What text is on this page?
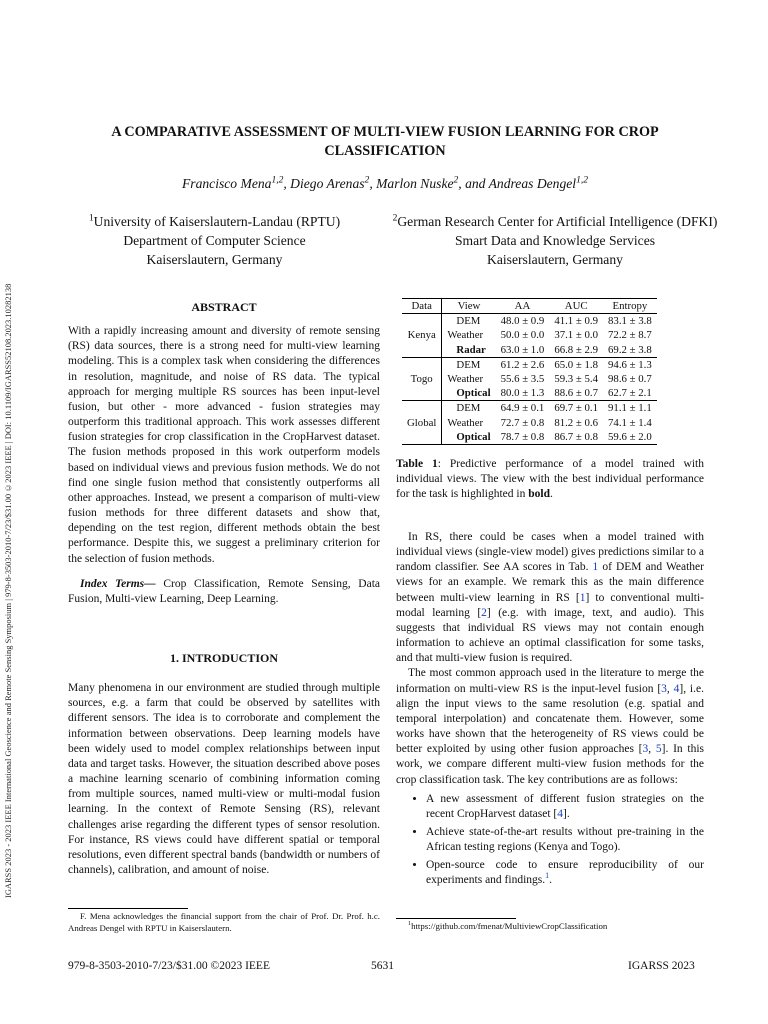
IGARSS 2023 - 2023 IEEE International Geoscience and Remote Sensing Symposium | 979-8-3503-2010-7/23/$31.00 ©2023 IEEE | DOI: 10.1109/IGARSS52108.2023.10282138
A COMPARATIVE ASSESSMENT OF MULTI-VIEW FUSION LEARNING FOR CROP CLASSIFICATION
Francisco Mena$^{1,2}$, Diego Arenas$^2$, Marlon Nuske$^2$, and Andreas Dengel$^{1,2}$
$^1$University of Kaiserslautern-Landau (RPTU)
Department of Computer Science
Kaiserslautern, Germany
$^2$German Research Center for Artificial Intelligence (DFKI)
Smart Data and Knowledge Services
Kaiserslautern, Germany

ABSTRACT

With a rapidly increasing amount and diversity of remote sensing (RS) data sources, there is a strong need for multi-view learning modeling. This is a complex task when considering the differences in resolution, magnitude, and noise of RS data. The typical approach for merging multiple RS sources has been input-level fusion, but other - more advanced - fusion strategies may outperform this traditional approach. This work assesses different fusion strategies for crop classification in the CropHarvest dataset. The fusion methods proposed in this work outperform models based on individual views and previous fusion methods. We do not find one single fusion method that consistently outperforms all other approaches. Instead, we present a comparison of multi-view fusion methods for three different datasets and show that, depending on the test region, different methods obtain the best performance. Despite this, we suggest a preliminary criterion for the selection of fusion methods.

Index Terms— Crop Classification, Remote Sensing, Data Fusion, Multi-view Learning, Deep Learning.

1. INTRODUCTION

Many phenomena in our environment are studied through multiple sources, e.g. a farm that could be observed by satellites with different sensors. The idea is to corroborate and complement the information between observations. Deep learning models have been widely used to model complex relationships between input data and target tasks. However, the situation described above poses a machine learning scenario of combining information coming from multiple sources, named multi-view or multi-modal fusion learning. In the context of Remote Sensing (RS), relevant challenges arise regarding the different types of sensor resolution. For instance, RS views could have different spatial or temporal resolutions, even different spectral bands (bandwidth or numbers of channels), calibration, and amount of noise.

F. Mena acknowledges the financial support from the chair of Prof. Dr. Prof. h.c. Andreas Dengel with RPTU in Kaiserslautern.
Data	View	AA	AUC	Entropy
Kenya	DEM	48.0 ± 0.9	41.1 ± 0.9	83.1 ± 3.8
	Weather	50.0 ± 0.0	37.1 ± 0.0	72.2 ± 8.7
	Radar	63.0 ± 1.0	66.8 ± 2.9	69.2 ± 3.8
Togo	DEM	61.2 ± 2.6	65.0 ± 1.8	94.6 ± 1.3
	Weather	55.6 ± 3.5	59.3 ± 5.4	98.6 ± 0.7
	Optical	80.0 ± 1.3	88.6 ± 0.7	62.7 ± 2.1
Global	DEM	64.9 ± 0.1	69.7 ± 0.1	91.1 ± 1.1
	Weather	72.7 ± 0.8	81.2 ± 0.6	74.1 ± 1.4
	Optical	78.7 ± 0.8	86.7 ± 0.8	59.6 ± 2.0
Table 1: Predictive performance of a model trained with individual views. The view with the best individual performance for the task is highlighted in bold.

In RS, there could be cases when a model trained with individual views (single-view model) gives predictions similar to a random classifier. See AA scores in Tab. 1 of DEM and Weather views for an example. We remark this as the main difference between multi-view learning in RS [1] to conventional multi-modal learning [2] (e.g. with image, text, and audio). This suggests that individual RS views may not contain enough information to achieve an optimal classification for some tasks, and that multi-view fusion is required.

The most common approach used in the literature to merge the information on multi-view RS is the input-level fusion [3, 4], i.e. align the input views to the same resolution (e.g. spatial and temporal interpolation) and concatenate them. However, some works have shown that the heterogeneity of RS views could be better exploited by using other fusion approaches [3, 5]. In this work, we compare different multi-view fusion methods for the crop classification task. The key contributions are as follows:

• A new assessment of different fusion strategies on the recent CropHarvest dataset [4].
• Achieve state-of-the-art results without pre-training in the African testing regions (Kenya and Togo).
• Open-source code to ensure reproducibility of our experiments and findings.$^1$.
$^1$https://github.com/fmenat/MultiviewCropClassification
979-8-3503-2010-7/23/$31.00 ©2023 IEEE	5631	IGARSS 2023
